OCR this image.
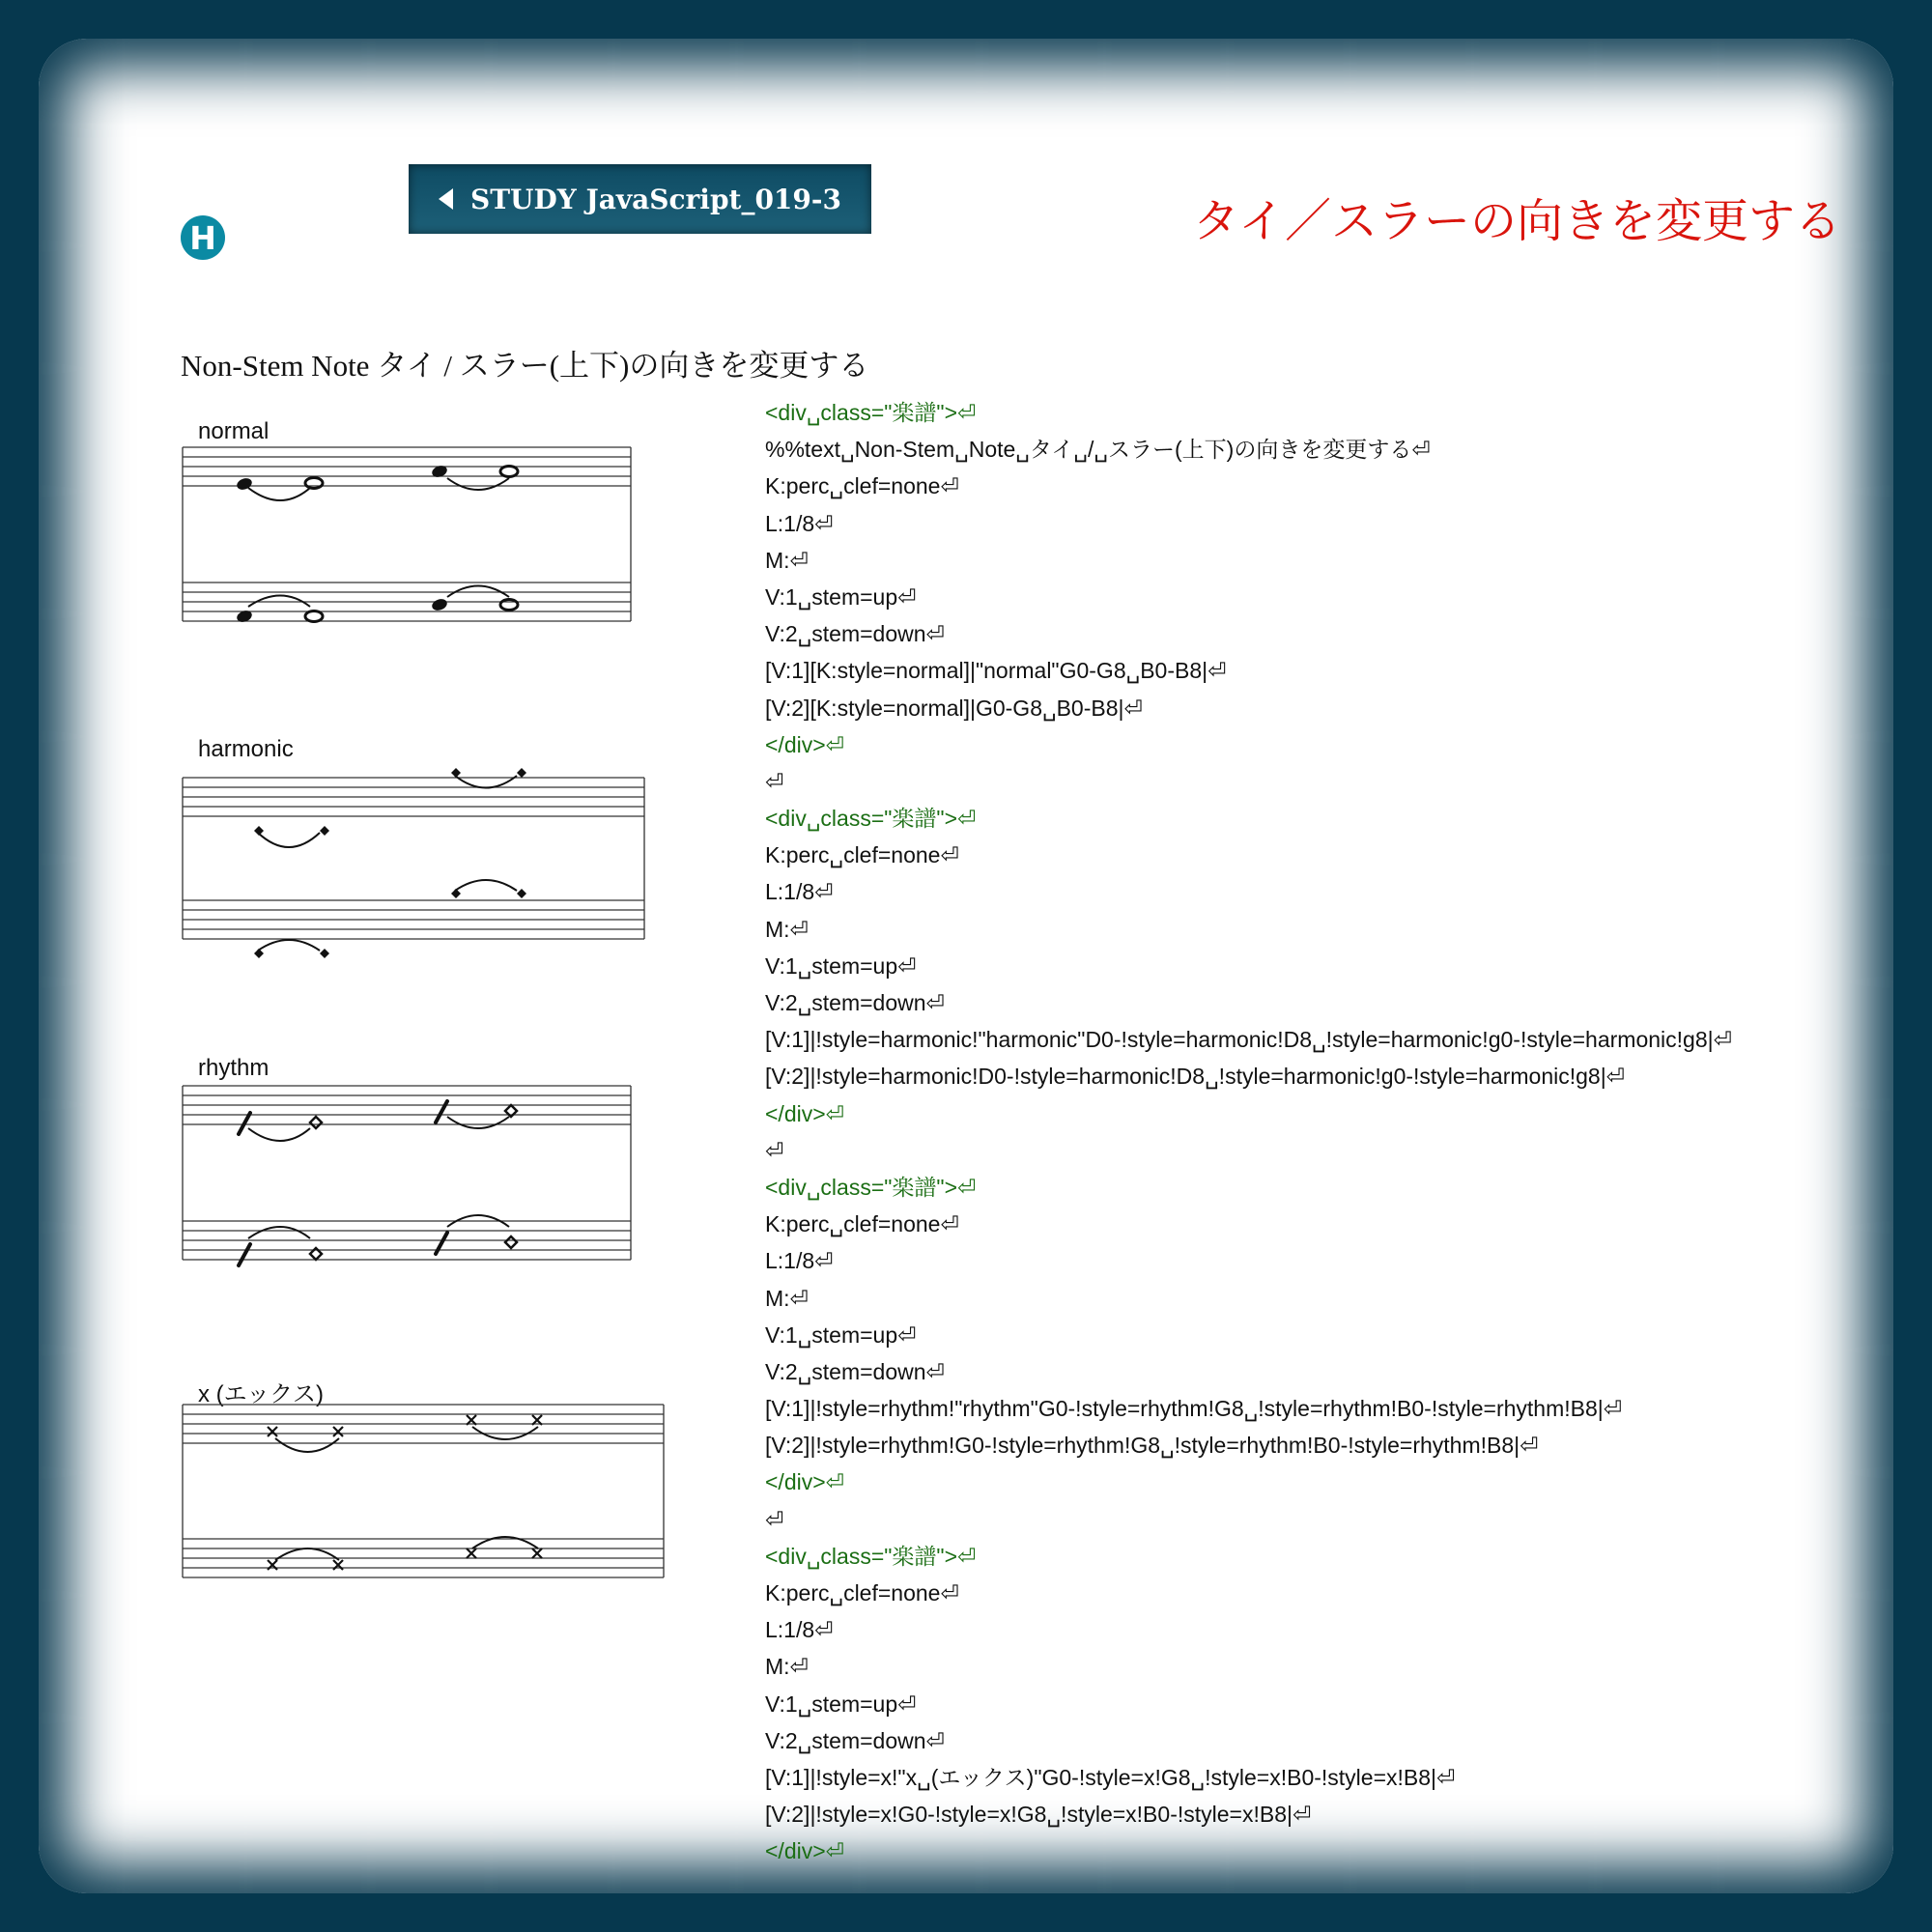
H
STUDY JavaScript_019-3	タイ／スラーの向きを変更する
Non-Stem Note タイ / スラー(上下)の向きを変更する
normal
harmonic
rhythm
x (エックス)
<div␣class="楽譜">⏎
%%text␣Non-Stem␣Note␣タイ␣/␣スラー(上下)の向きを変更する⏎
K:perc␣clef=none⏎
L:1/8⏎
M:⏎
V:1␣stem=up⏎
V:2␣stem=down⏎
[V:1][K:style=normal]|"normal"G0-G8␣B0-B8|⏎
[V:2][K:style=normal]|G0-G8␣B0-B8|⏎
</div>⏎
⏎
<div␣class="楽譜">⏎
K:perc␣clef=none⏎
L:1/8⏎
M:⏎
V:1␣stem=up⏎
V:2␣stem=down⏎
[V:1]|!style=harmonic!"harmonic"D0-!style=harmonic!D8␣!style=harmonic!g0-!style=harmonic!g8|⏎
[V:2]|!style=harmonic!D0-!style=harmonic!D8␣!style=harmonic!g0-!style=harmonic!g8|⏎
</div>⏎
⏎
<div␣class="楽譜">⏎
K:perc␣clef=none⏎
L:1/8⏎
M:⏎
V:1␣stem=up⏎
V:2␣stem=down⏎
[V:1]|!style=rhythm!"rhythm"G0-!style=rhythm!G8␣!style=rhythm!B0-!style=rhythm!B8|⏎
[V:2]|!style=rhythm!G0-!style=rhythm!G8␣!style=rhythm!B0-!style=rhythm!B8|⏎
</div>⏎
⏎
<div␣class="楽譜">⏎
K:perc␣clef=none⏎
L:1/8⏎
M:⏎
V:1␣stem=up⏎
V:2␣stem=down⏎
[V:1]|!style=x!"x␣(エックス)"G0-!style=x!G8␣!style=x!B0-!style=x!B8|⏎
[V:2]|!style=x!G0-!style=x!G8␣!style=x!B0-!style=x!B8|⏎
</div>⏎
